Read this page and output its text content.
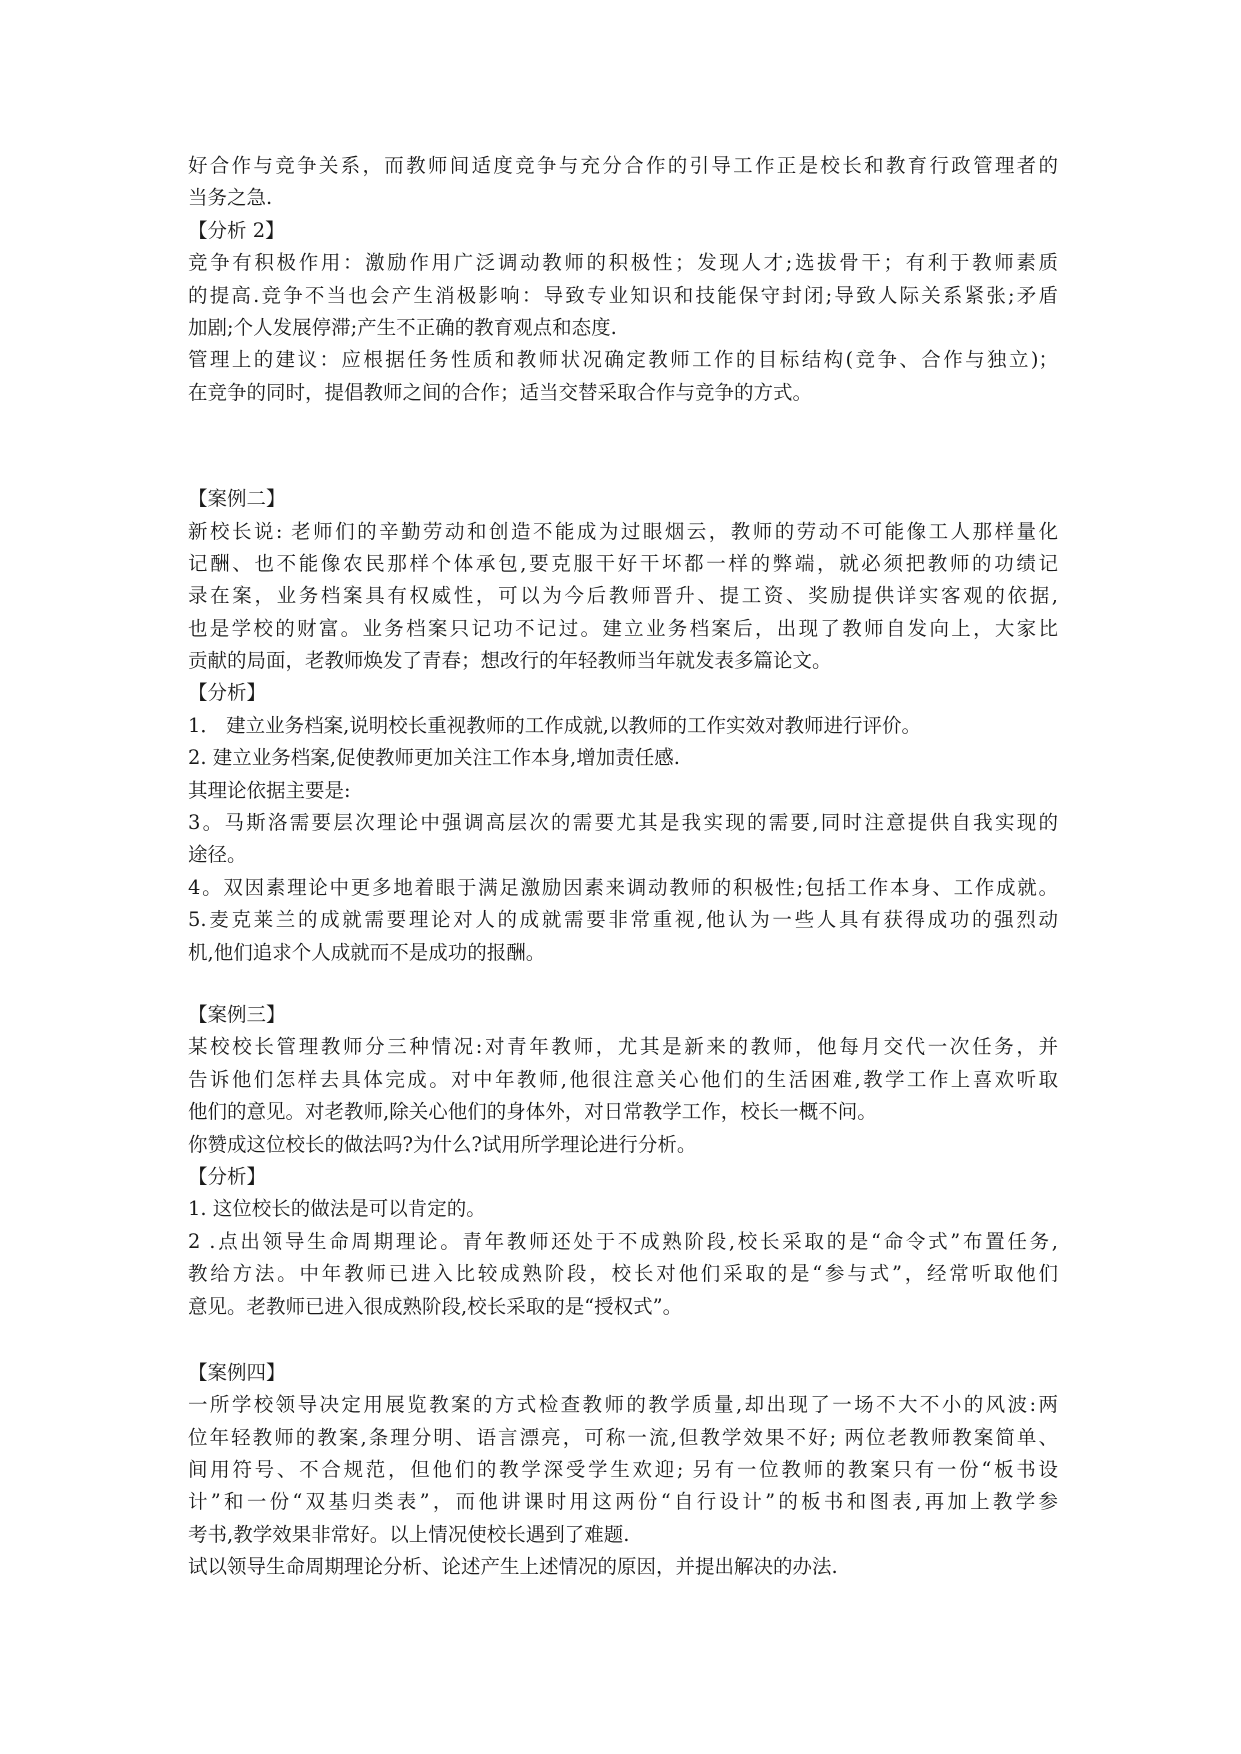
好合作与竞争关系，而教师间适度竞争与充分合作的引导工作正是校长和教育行政管理者的
当务之急.
【分析 2】
竞争有积极作用：激励作用广泛调动教师的积极性；发现人才;选拔骨干；有利于教师素质
的提高.竞争不当也会产生消极影响：导致专业知识和技能保守封闭;导致人际关系紧张;矛盾
加剧;个人发展停滞;产生不正确的教育观点和态度.
管理上的建议：应根据任务性质和教师状况确定教师工作的目标结构(竞争、合作与独立)；
在竞争的同时，提倡教师之间的合作；适当交替采取合作与竞争的方式。
【案例二】
新校长说: 老师们的辛勤劳动和创造不能成为过眼烟云，教师的劳动不可能像工人那样量化
记酬、也不能像农民那样个体承包,要克服干好干坏都一样的弊端，就必须把教师的功绩记
录在案，业务档案具有权威性，可以为今后教师晋升、提工资、奖励提供详实客观的依据,
也是学校的财富。业务档案只记功不记过。建立业务档案后，出现了教师自发向上，大家比
贡献的局面，老教师焕发了青春；想改行的年轻教师当年就发表多篇论文。
【分析】
1． 建立业务档案,说明校长重视教师的工作成就,以教师的工作实效对教师进行评价。
2. 建立业务档案,促使教师更加关注工作本身,增加责任感.
其理论依据主要是:
3。马斯洛需要层次理论中强调高层次的需要尤其是我实现的需要,同时注意提供自我实现的
途径。
4。双因素理论中更多地着眼于满足激励因素来调动教师的积极性;包括工作本身、工作成就。
5.麦克莱兰的成就需要理论对人的成就需要非常重视,他认为一些人具有获得成功的强烈动
机,他们追求个人成就而不是成功的报酬。
【案例三】
某校校长管理教师分三种情况:对青年教师，尤其是新来的教师，他每月交代一次任务，并
告诉他们怎样去具体完成。对中年教师,他很注意关心他们的生活困难,教学工作上喜欢听取
他们的意见。对老教师,除关心他们的身体外，对日常教学工作，校长一概不问。
你赞成这位校长的做法吗?为什么?试用所学理论进行分析。
【分析】
1. 这位校长的做法是可以肯定的。
2 .点出领导生命周期理论。青年教师还处于不成熟阶段,校长采取的是“命令式”布置任务,
教给方法。中年教师已进入比较成熟阶段，校长对他们采取的是“参与式”，经常听取他们
意见。老教师已进入很成熟阶段,校长采取的是“授权式”。
【案例四】
一所学校领导决定用展览教案的方式检查教师的教学质量,却出现了一场不大不小的风波:两
位年轻教师的教案,条理分明、语言漂亮，可称一流,但教学效果不好; 两位老教师教案简单、
间用符号、不合规范，但他们的教学深受学生欢迎; 另有一位教师的教案只有一份“板书设
计”和一份“双基归类表”，而他讲课时用这两份“自行设计”的板书和图表,再加上教学参
考书,教学效果非常好。以上情况使校长遇到了难题.
试以领导生命周期理论分析、论述产生上述情况的原因，并提出解决的办法.
